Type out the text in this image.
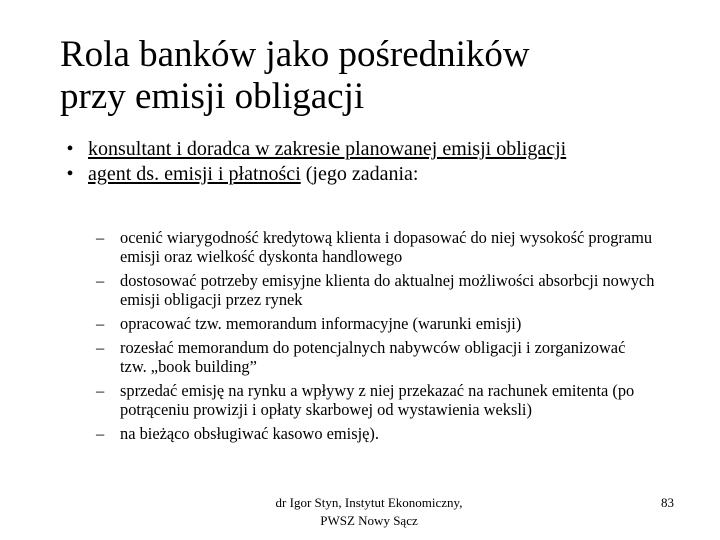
Rola banków jako pośredników
przy emisji obligacji
• konsultant i doradca w zakresie planowanej emisji obligacji
• agent ds. emisji i płatności (jego zadania:
– ocenić wiarygodność kredytową klienta i dopasować do niej wysokość programu emisji oraz wielkość dyskonta handlowego
– dostosować potrzeby emisyjne klienta do aktualnej możliwości absorbcji nowych emisji obligacji przez rynek
– opracować tzw. memorandum informacyjne (warunki emisji)
– rozesłać memorandum do potencjalnych nabywców obligacji i zorganizować tzw. „book building”
– sprzedać emisję na rynku a wpływy z niej przekazać na rachunek emitenta (po potrąceniu prowizji i opłaty skarbowej od wystawienia weksli)
– na bieżąco obsługiwać kasowo emisję).
dr Igor Styn, Instytut Ekonomiczny,
PWSZ Nowy Sącz
83
